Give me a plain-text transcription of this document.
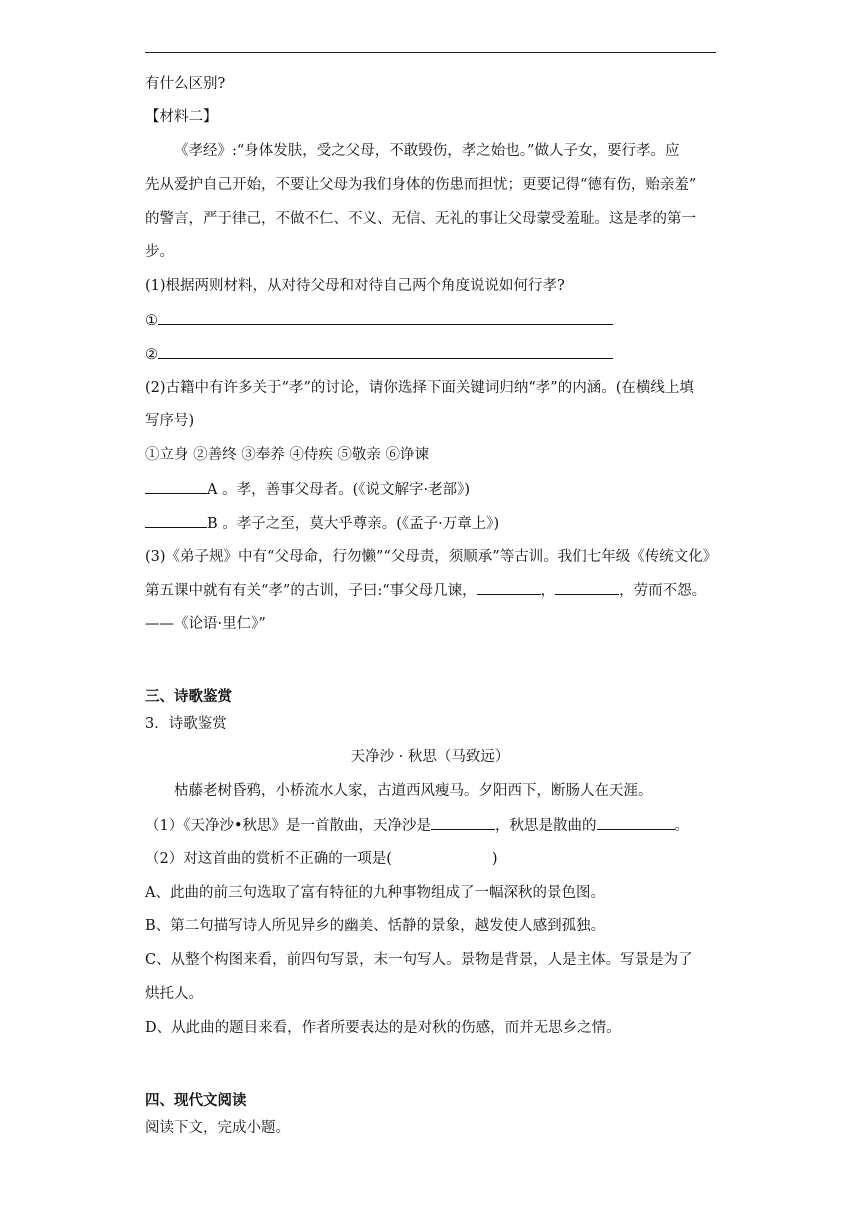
有什么区别?
【材料二】
《孝经》:“身体发肤，受之父母，不敢毁伤，孝之始也。”做人子女，要行孝。应
先从爱护自己开始，不要让父母为我们身体的伤患而担忧；更要记得“德有伤，贻亲羞”
的警言，严于律己，不做不仁、不义、无信、无礼的事让父母蒙受羞耻。这是孝的第一
步。
(1)根据两则材料，从对待父母和对待自己两个角度说说如何行孝?
①
②
(2)古籍中有许多关于“孝”的讨论，请你选择下面关键词归纳“孝”的内涵。(在横线上填
写序号)
①立身 ②善终 ③奉养 ④侍疾 ⑤敬亲 ⑥诤谏
A 。孝，善事父母者。(《说文解字·老部》)
B 。孝子之至，莫大乎尊亲。(《孟子·万章上》)
(3)《弟子规》中有“父母命，行勿懒”“父母责，须顺承”等古训。我们七年级《传统文化》
第五课中就有有关“孝”的古训，子曰:“事父母几谏，	，	，劳而不怨。
——《论语·里仁》”
三、诗歌鉴赏
3．诗歌鉴赏
天净沙 · 秋思（马致远）
枯藤老树昏鸦，小桥流水人家，古道西风瘦马。夕阳西下，断肠人在天涯。
（1）《天净沙•秋思》是一首散曲，天净沙是	，秋思是散曲的	。
（2）对这首曲的赏析不正确的一项是(	)
A、此曲的前三句选取了富有特征的九种事物组成了一幅深秋的景色图。
B、第二句描写诗人所见异乡的幽美、恬静的景象，越发使人感到孤独。
C、从整个构图来看，前四句写景，末一句写人。景物是背景，人是主体。写景是为了
烘托人。
D、从此曲的题目来看，作者所要表达的是对秋的伤感，而并无思乡之情。
四、现代文阅读
阅读下文，完成小题。
